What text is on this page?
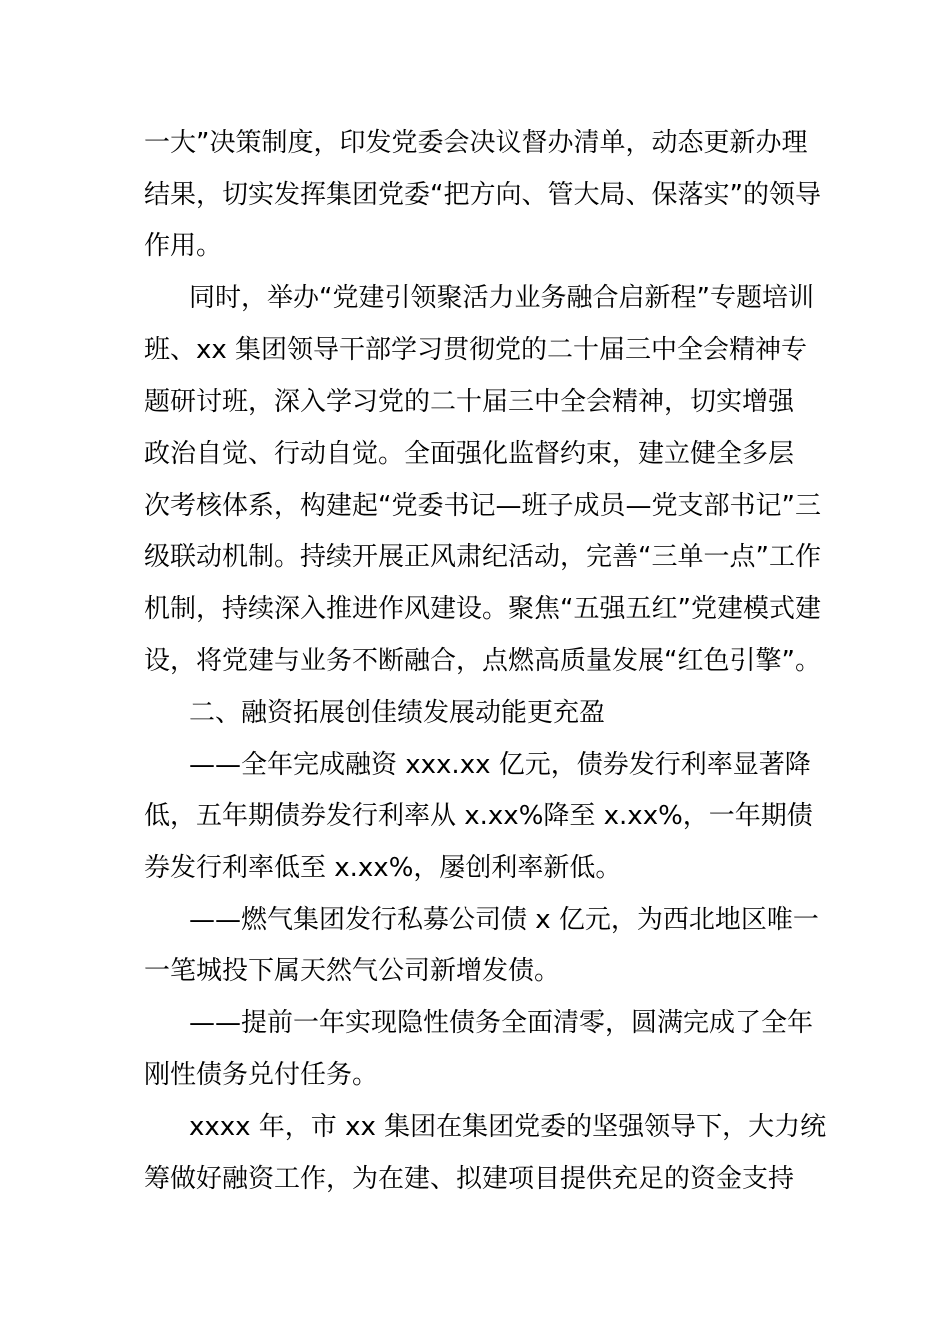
一大”决策制度，印发党委会决议督办清单，动态更新办理
结果，切实发挥集团党委“把方向、管大局、保落实”的领导
作用。
同时，举办“党建引领聚活力业务融合启新程”专题培训
班、xx 集团领导干部学习贯彻党的二十届三中全会精神专
题研讨班，深入学习党的二十届三中全会精神，切实增强
政治自觉、行动自觉。全面强化监督约束，建立健全多层
次考核体系，构建起“党委书记—班子成员—党支部书记”三
级联动机制。持续开展正风肃纪活动，完善“三单一点”工作
机制，持续深入推进作风建设。聚焦“五强五红”党建模式建
设，将党建与业务不断融合，点燃高质量发展“红色引擎”。
二、融资拓展创佳绩发展动能更充盈
——全年完成融资 xxx.xx 亿元，债券发行利率显著降
低，五年期债券发行利率从 x.xx%降至 x.xx%，一年期债
券发行利率低至 x.xx%，屡创利率新低。
——燃气集团发行私募公司债 x 亿元，为西北地区唯一
一笔城投下属天然气公司新增发债。
——提前一年实现隐性债务全面清零，圆满完成了全年
刚性债务兑付任务。
xxxx 年，市 xx 集团在集团党委的坚强领导下，大力统
筹做好融资工作，为在建、拟建项目提供充足的资金支持
